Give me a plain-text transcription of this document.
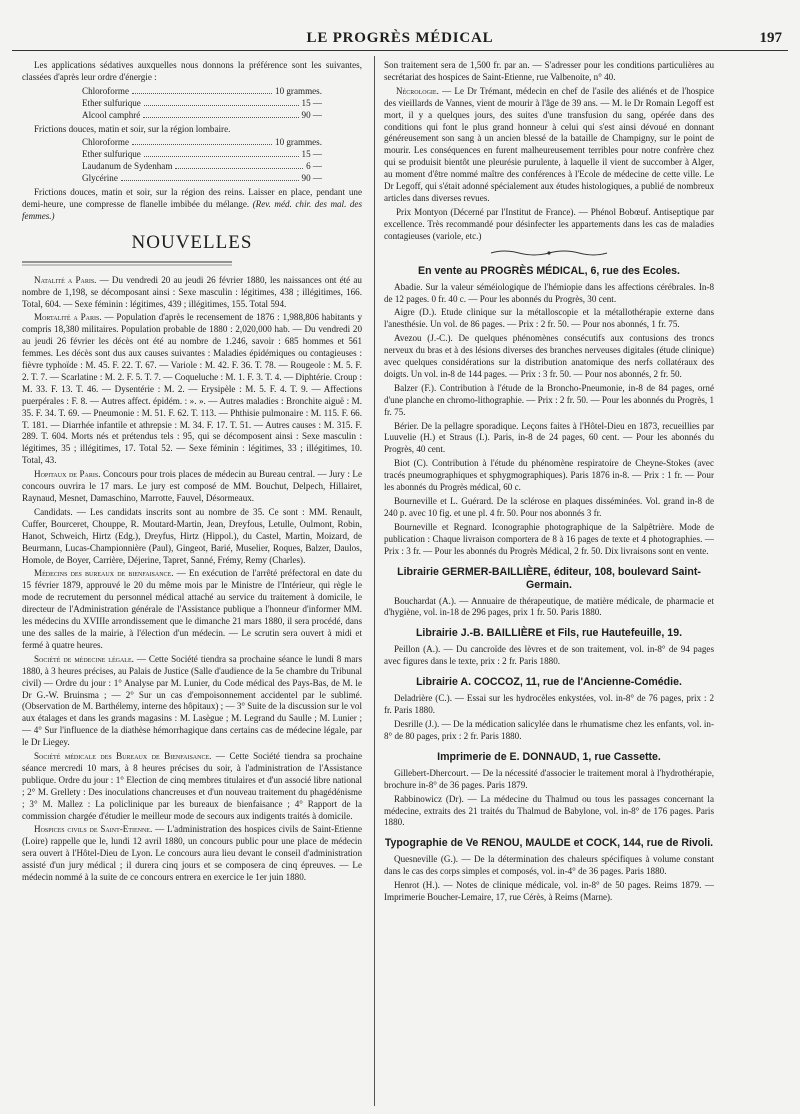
LE PROGRÈS MÉDICAL	197

Les applications sédatives auxquelles nous donnons la préférence sont les suivantes, classées d'après leur ordre d'énergie :

Chloroforme	10 grammes.
Ether sulfurique	15 —
Alcool camphré	90 —

Frictions douces, matin et soir, sur la région lombaire.

Chloroforme	10 grammes.
Ether sulfurique	15 —
Laudanum de Sydenham	6 —
Glycérine	90 —

Frictions douces, matin et soir, sur la région des reins. Laisser en place, pendant une demi-heure, une compresse de flanelle imbibée du mélange. (Rev. méd. chir. des mal. des femmes.)

NOUVELLES

Natalité a Paris. — Du vendredi 20 au jeudi 26 février 1880, les naissances ont été au nombre de 1,198, se décomposant ainsi : Sexe masculin : légitimes, 438 ; illégitimes, 166. Total, 604. — Sexe féminin : légitimes, 439 ; illégitimes, 155. Total 594.

Mortalité a Paris. — Population d'après le recensement de 1876 : 1,988,806 habitants y compris 18,380 militaires. Population probable de 1880 : 2,020,000 hab. — Du vendredi 20 au jeudi 26 février les décès ont été au nombre de 1.246, savoir : 685 hommes et 561 femmes. Les décès sont dus aux causes suivantes : Maladies épidémiques ou contagieuses : fièvre typhoïde : M. 45. F. 22. T. 67. — Variole : M. 42. F. 36. T. 78. — Rougeole : M. 5. F. 2. T. 7. — Scarlatine : M. 2. F. 5. T. 7. — Coqueluche : M. 1. F. 3. T. 4. — Diphtérie. Croup : M. 33. F. 13. T. 46. — Dysentérie : M. 2. — Erysipèle : M. 5. F. 4. T. 9. — Affections puerpérales : F. 8. — Autres affect. épidém. : ». ». — Autres maladies : Bronchite aiguë : M. 35. F. 34. T. 69. — Pneumonie : M. 51. F. 62. T. 113. — Phthisie pulmonaire : M. 115. F. 66. T. 181. — Diarrhée infantile et athrepsie : M. 34. F. 17. T. 51. — Autres causes : M. 315. F. 289. T. 604. Morts nés et prétendus tels : 95, qui se décomposent ainsi : Sexe masculin : légitimes, 35 ; illégitimes, 17. Total 52. — Sexe féminin : légitimes, 33 ; illégitimes, 10. Total, 43.

Hopitaux de Paris. Concours pour trois places de médecin au Bureau central. — Jury : Le concours ouvrira le 17 mars. Le jury est composé de MM. Bouchut, Delpech, Hillairet, Raynaud, Mesnet, Damaschino, Marrotte, Fauvel, Désormeaux.

Candidats. — Les candidats inscrits sont au nombre de 35. Ce sont : MM. Renault, Cuffer, Bourceret, Chouppe, R. Moutard-Martin, Jean, Dreyfous, Letulle, Oulmont, Robin, Hanot, Schweich, Hirtz (Edg.), Dreyfus, Hirtz (Hippol.), du Castel, Martin, Moizard, de Beurmann, Lucas-Championnière (Paul), Gingeot, Barié, Muselier, Roques, Balzer, Daulos, Homole, de Boyer, Carrière, Déjerine, Tapret, Sanné, Frémy, Remy (Charles).

Médecins des bureaux de bienfaisance. — En exécution de l'arrêté préfectoral en date du 15 février 1879, approuvé le 20 du même mois par le Ministre de l'Intérieur, qui règle le mode de recrutement du personnel médical attaché au service du traitement à domicile, le directeur de l'Administration générale de l'Assistance publique a l'honneur d'informer MM. les médecins du XVIIIe arrondissement que le dimanche 21 mars 1880, il sera procédé, dans une des salles de la mairie, à l'élection d'un médecin. — Le scrutin sera ouvert à midi et fermé à quatre heures.

Société de médecine légale. — Cette Société tiendra sa prochaine séance le lundi 8 mars 1880, à 3 heures précises, au Palais de Justice (Salle d'audience de la 5e chambre du Tribunal civil) — Ordre du jour : 1° Analyse par M. Lunier, du Code médical des Pays-Bas, de M. le Dr G.-W. Bruinsma ; — 2° Sur un cas d'empoisonnement accidentel par le sublimé. (Observation de M. Barthélemy, interne des hôpitaux) ; — 3° Suite de la discussion sur le vol aux étalages et dans les grands magasins : M. Lasègue ; M. Legrand du Saulle ; M. Lunier ; — 4° Sur l'influence de la diathèse hémorrhagique dans certains cas de médecine légale, par le Dr Liegey.

Société médicale des Bureaux de Bienfaisance. — Cette Société tiendra sa prochaine séance mercredi 10 mars, à 8 heures précises du soir, à l'administration de l'Assistance publique. Ordre du jour : 1° Election de cinq membres titulaires et d'un associé libre national ; 2° M. Grellety : Des inoculations chancreuses et d'un nouveau traitement du phagédénisme ; 3° M. Mallez : La policlinique par les bureaux de bienfaisance ; 4° Rapport de la commission chargée d'étudier le meilleur mode de secours aux indigents traités à domicile.

Hospices civils de Saint-Etienne. — L'administration des hospices civils de Saint-Etienne (Loire) rappelle que le, lundi 12 avril 1880, un concours public pour une place de médecin sera ouvert à l'Hôtel-Dieu de Lyon. Le concours aura lieu devant le conseil d'administration assisté d'un jury médical ; il durera cinq jours et se composera de cinq épreuves. — Le médecin nommé à la suite de ce concours entrera en exercice le 1er juin 1880.

Son traitement sera de 1,500 fr. par an. — S'adresser pour les conditions particulières au secrétariat des hospices de Saint-Etienne, rue Valbenoite, n° 40.

Nécrologie. — Le Dr Trémant, médecin en chef de l'asile des aliénés et de l'hospice des vieillards de Vannes, vient de mourir à l'âge de 39 ans. — M. le Dr Romain Legoff est mort, il y a quelques jours, des suites d'une transfusion du sang, opérée dans des conditions qui font le plus grand honneur à celui qui s'est ainsi dévoué en donnant généreusement son sang à un ancien blessé de la bataille de Champigny, sur le point de mourir. Les conséquences en furent malheureusement terribles pour notre confrère chez qui se produisit bientôt une pleurésie purulente, à laquelle il vient de succomber à Alger, au moment d'être nommé maître des conférences à l'Ecole de médecine de cette ville. Le Dr Legoff, qui s'était adonné spécialement aux études histologiques, a publié de nombreux articles dans diverses revues.

Prix Montyon (Décerné par l'Institut de France). — Phénol Bobœuf. Antiseptique par excellence. Très recommandé pour désinfecter les appartements dans les cas de maladies contagieuses (variole, etc.)

En vente au PROGRÈS MÉDICAL, 6, rue des Ecoles.

Abadie. Sur la valeur séméiologique de l'hémiopie dans les affections cérébrales. In-8 de 12 pages. 0 fr. 40 c. — Pour les abonnés du Progrès, 30 cent.

Aigre (D.). Etude clinique sur la métalloscopie et la métallothérapie externe dans l'anesthésie. Un vol. de 86 pages. — Prix : 2 fr. 50. — Pour nos abonnés, 1 fr. 75.

Avezou (J.-C.). De quelques phénomènes consécutifs aux contusions des troncs nerveux du bras et à des lésions diverses des branches nerveuses digitales (étude clinique) avec quelques considérations sur la distribution anatomique des nerfs collatéraux des doigts. Un vol. in-8 de 144 pages. — Prix : 3 fr. 50. — Pour nos abonnés, 2 fr. 50.

Balzer (F.). Contribution à l'étude de la Broncho-Pneumonie, in-8 de 84 pages, orné d'une planche en chromo-lithographie. — Prix : 2 fr. 50. — Pour les abonnés du Progrès, 1 fr. 75.

Bérier. De la pellagre sporadique. Leçons faites à l'Hôtel-Dieu en 1873, recueillies par Luuvelie (H.) et Straus (I.). Paris, in-8 de 24 pages, 60 cent. — Pour les abonnés du Progrès, 40 cent.

Biot (C). Contribution à l'étude du phénomène respiratoire de Cheyne-Stokes (avec tracés pneumographiques et sphygmographiques). Paris 1876 in-8. — Prix : 1 fr. — Pour les abonnés du Progrès médical, 60 c.

Bourneville et L. Guérard. De la sclérose en plaques disséminées. Vol. grand in-8 de 240 p. avec 10 fig. et une pl. 4 fr. 50. Pour nos abonnés 3 fr.

Bourneville et Regnard. Iconographie photographique de la Salpêtrière. Mode de publication : Chaque livraison comportera de 8 à 16 pages de texte et 4 photographies. — Prix : 3 fr. — Pour les abonnés du Progrès Médical, 2 fr. 50. Dix livraisons sont en vente.

Librairie GERMER-BAILLIÈRE, éditeur, 108, boulevard Saint-Germain.

Bouchardat (A.). — Annuaire de thérapeutique, de matière médicale, de pharmacie et d'hygiène, vol. in-18 de 296 pages, prix 1 fr. 50. Paris 1880.

Librairie J.-B. BAILLIÈRE et Fils, rue Hautefeuille, 19.

Peillon (A.). — Du cancroïde des lèvres et de son traitement, vol. in-8° de 94 pages avec figures dans le texte, prix : 2 fr. Paris 1880.

Librairie A. COCCOZ, 11, rue de l'Ancienne-Comédie.

Deladrière (C.). — Essai sur les hydrocèles enkystées, vol. in-8° de 76 pages, prix : 2 fr. Paris 1880.

Desrille (J.). — De la médication salicylée dans le rhumatisme chez les enfants, vol. in-8° de 80 pages, prix : 2 fr. Paris 1880.

Imprimerie de E. DONNAUD, 1, rue Cassette.

Gillebert-Dhercourt. — De la nécessité d'associer le traitement moral à l'hydrothérapie, brochure in-8° de 36 pages. Paris 1879.

Rabbinowicz (Dr). — La médecine du Thalmud ou tous les passages concernant la médecine, extraits des 21 traités du Thalmud de Babylone, vol. in-8° de 176 pages. Paris 1880.

Typographie de Ve RENOU, MAULDE et COCK, 144, rue de Rivoli.

Quesneville (G.). — De la détermination des chaleurs spécifiques à volume constant dans le cas des corps simples et composés, vol. in-4° de 36 pages. Paris 1880.

Henrot (H.). — Notes de clinique médicale, vol. in-8° de 50 pages. Reims 1879. — Imprimerie Boucher-Lemaire, 17, rue Cérès, à Reims (Marne).
